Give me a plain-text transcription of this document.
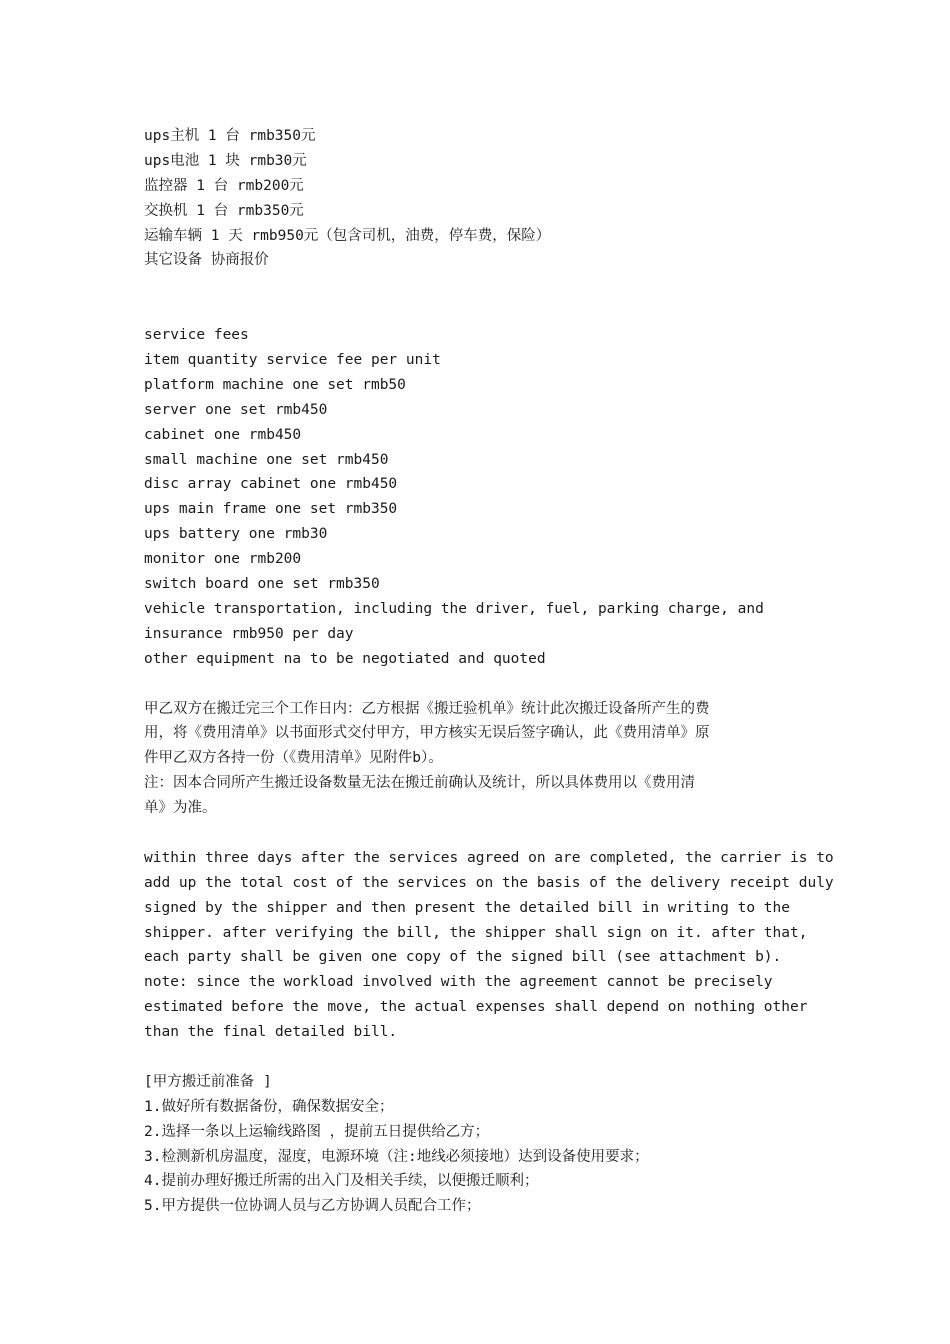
ups主机 1 台 rmb350元
ups电池 1 块 rmb30元
监控器 1 台 rmb200元
交换机 1 台 rmb350元
运输车辆 1 天 rmb950元（包含司机，油费，停车费，保险）
其它设备 协商报价
service fees
item quantity service fee per unit
platform machine one set rmb50
server one set rmb450
cabinet one rmb450
small machine one set rmb450
disc array cabinet one rmb450
ups main frame one set rmb350
ups battery one rmb30
monitor one rmb200
switch board one set rmb350
vehicle transportation, including the driver, fuel, parking charge, and
insurance rmb950 per day
other equipment na to be negotiated and quoted
甲乙双方在搬迁完三个工作日内：乙方根据《搬迁验机单》统计此次搬迁设备所产生的费
用，将《费用清单》以书面形式交付甲方，甲方核实无误后签字确认，此《费用清单》原
件甲乙双方各持一份（《费用清单》见附件b）。
注：因本合同所产生搬迁设备数量无法在搬迁前确认及统计，所以具体费用以《费用清
单》为准。
within three days after the services agreed on are completed, the carrier is to
add up the total cost of the services on the basis of the delivery receipt duly
signed by the shipper and then present the detailed bill in writing to the
shipper. after verifying the bill, the shipper shall sign on it. after that,
each party shall be given one copy of the signed bill (see attachment b).
note: since the workload involved with the agreement cannot be precisely
estimated before the move, the actual expenses shall depend on nothing other
than the final detailed bill.
[甲方搬迁前准备 ]
1.做好所有数据备份，确保数据安全；
2.选择一条以上运输线路图 ，提前五日提供给乙方；
3.检测新机房温度，湿度，电源环境（注:地线必须接地）达到设备使用要求；
4.提前办理好搬迁所需的出入门及相关手续，以便搬迁顺利；
5.甲方提供一位协调人员与乙方协调人员配合工作；
